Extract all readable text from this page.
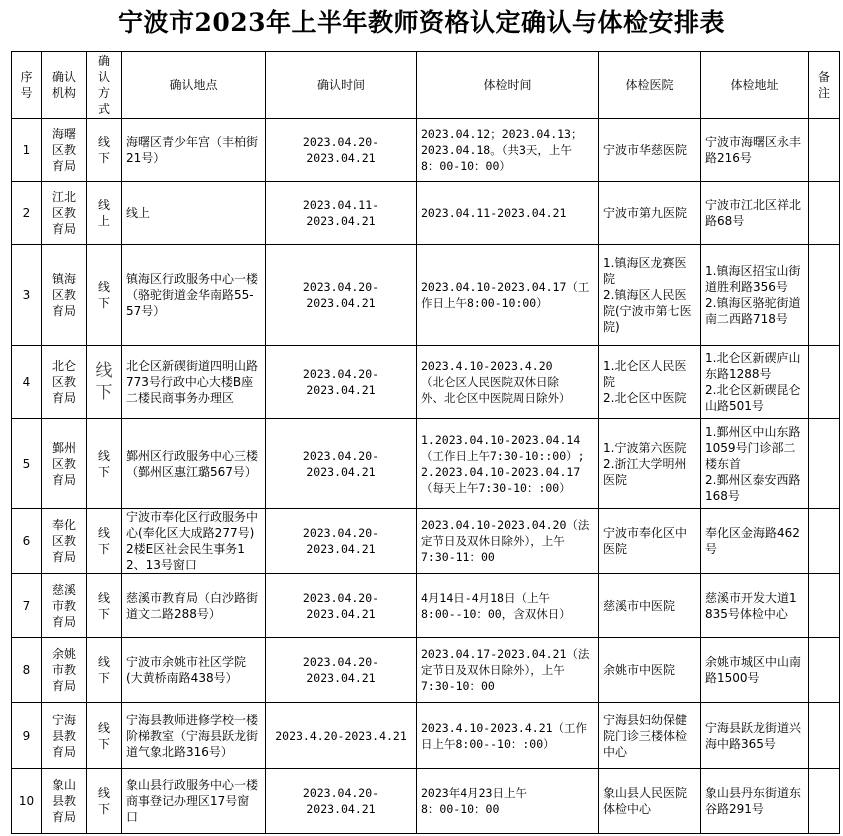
宁波市2023年上半年教师资格认定确认与体检安排表
序
号	确认
机构	确
认
方
式	确认地点	确认时间	体检时间	体检医院	体检地址	备
注

1	海曙
区教
育局	线
下	海曙区青少年宫（丰柏街21号）	2023.04.20-2023.04.21	2023.04.12；2023.04.13；
2023.04.18。（共3天，上午
8：00-10：00）	宁波市华慈医院	宁波市海曙区永丰路216号	

2	江北
区教
育局	线
上	线上	2023.04.11-2023.04.21	2023.04.11-2023.04.21	宁波市第九医院	宁波市江北区祥北路68号	

3	镇海
区教
育局	线
下	镇海区行政服务中心一楼（骆驼街道金华南路55-57号）	2023.04.20-2023.04.21	2023.04.10-2023.04.17（工
作日上午8:00-10:00）	1.镇海区龙赛医院
2.镇海区人民医院(宁波市第七医院)	1.镇海区招宝山街道胜利路356号
2.镇海区骆驼街道南二西路718号	

4	北仑
区教
育局	线
下	北仑区新碶街道四明山路773号行政中心大楼B座二楼民商事务办理区	2023.04.20-2023.04.21	2023.4.10-2023.4.20
（北仑区人民医院双休日除
外、北仑区中医院周日除外）	1.北仑区人民医院
2.北仑区中医院	1.北仑区新碶庐山东路1288号
2.北仑区新碶昆仑山路501号	

5	鄞州
区教
育局	线
下	鄞州区行政服务中心三楼（鄞州区惠江璐567号）	2023.04.20-2023.04.21	1.2023.04.10-2023.04.14
（工作日上午7:30-10::00）;
2.2023.04.10-2023.04.17
（每天上午7:30-10：:00）	1.宁波第六医院
2.浙江大学明州医院	1.鄞州区中山东路1059号门诊部二楼东首
2.鄞州区泰安西路168号	

6	奉化
区教
育局	线
下	宁波市奉化区行政服务中心(奉化区大成路277号)2楼E区社会民生事务12、13号窗口	2023.04.20-2023.04.21	2023.04.10-2023.04.20（法
定节日及双休日除外），上午
7:30-11：00	宁波市奉化区中医院	奉化区金海路462号	

7	慈溪
市教
育局	线
下	慈溪市教育局（白沙路街道文二路288号）	2023.04.20-2023.04.21	4月14日-4月18日（上午
8:00--10：00，含双休日）	慈溪市中医院	慈溪市开发大道1835号体检中心	

8	余姚
市教
育局	线
下	宁波市余姚市社区学院(大黄桥南路438号）	2023.04.20-2023.04.21	2023.04.17-2023.04.21（法
定节日及双休日除外），上午
7:30-10：00	余姚市中医院	余姚市城区中山南路1500号	

9	宁海
县教
育局	线
下	宁海县教师进修学校一楼阶梯教室（宁海县跃龙街道气象北路316号）	2023.4.20-2023.4.21	2023.4.10-2023.4.21（工作
日上午8:00--10：:00）	宁海县妇幼保健院门诊三楼体检中心	宁海县跃龙街道兴海中路365号	

10	象山
县教
育局	线
下	象山县行政服务中心一楼商事登记办理区17号窗口	2023.04.20-2023.04.21	2023年4月23日上午
8：00-10：00	象山县人民医院体检中心	象山县丹东街道东谷路291号	
